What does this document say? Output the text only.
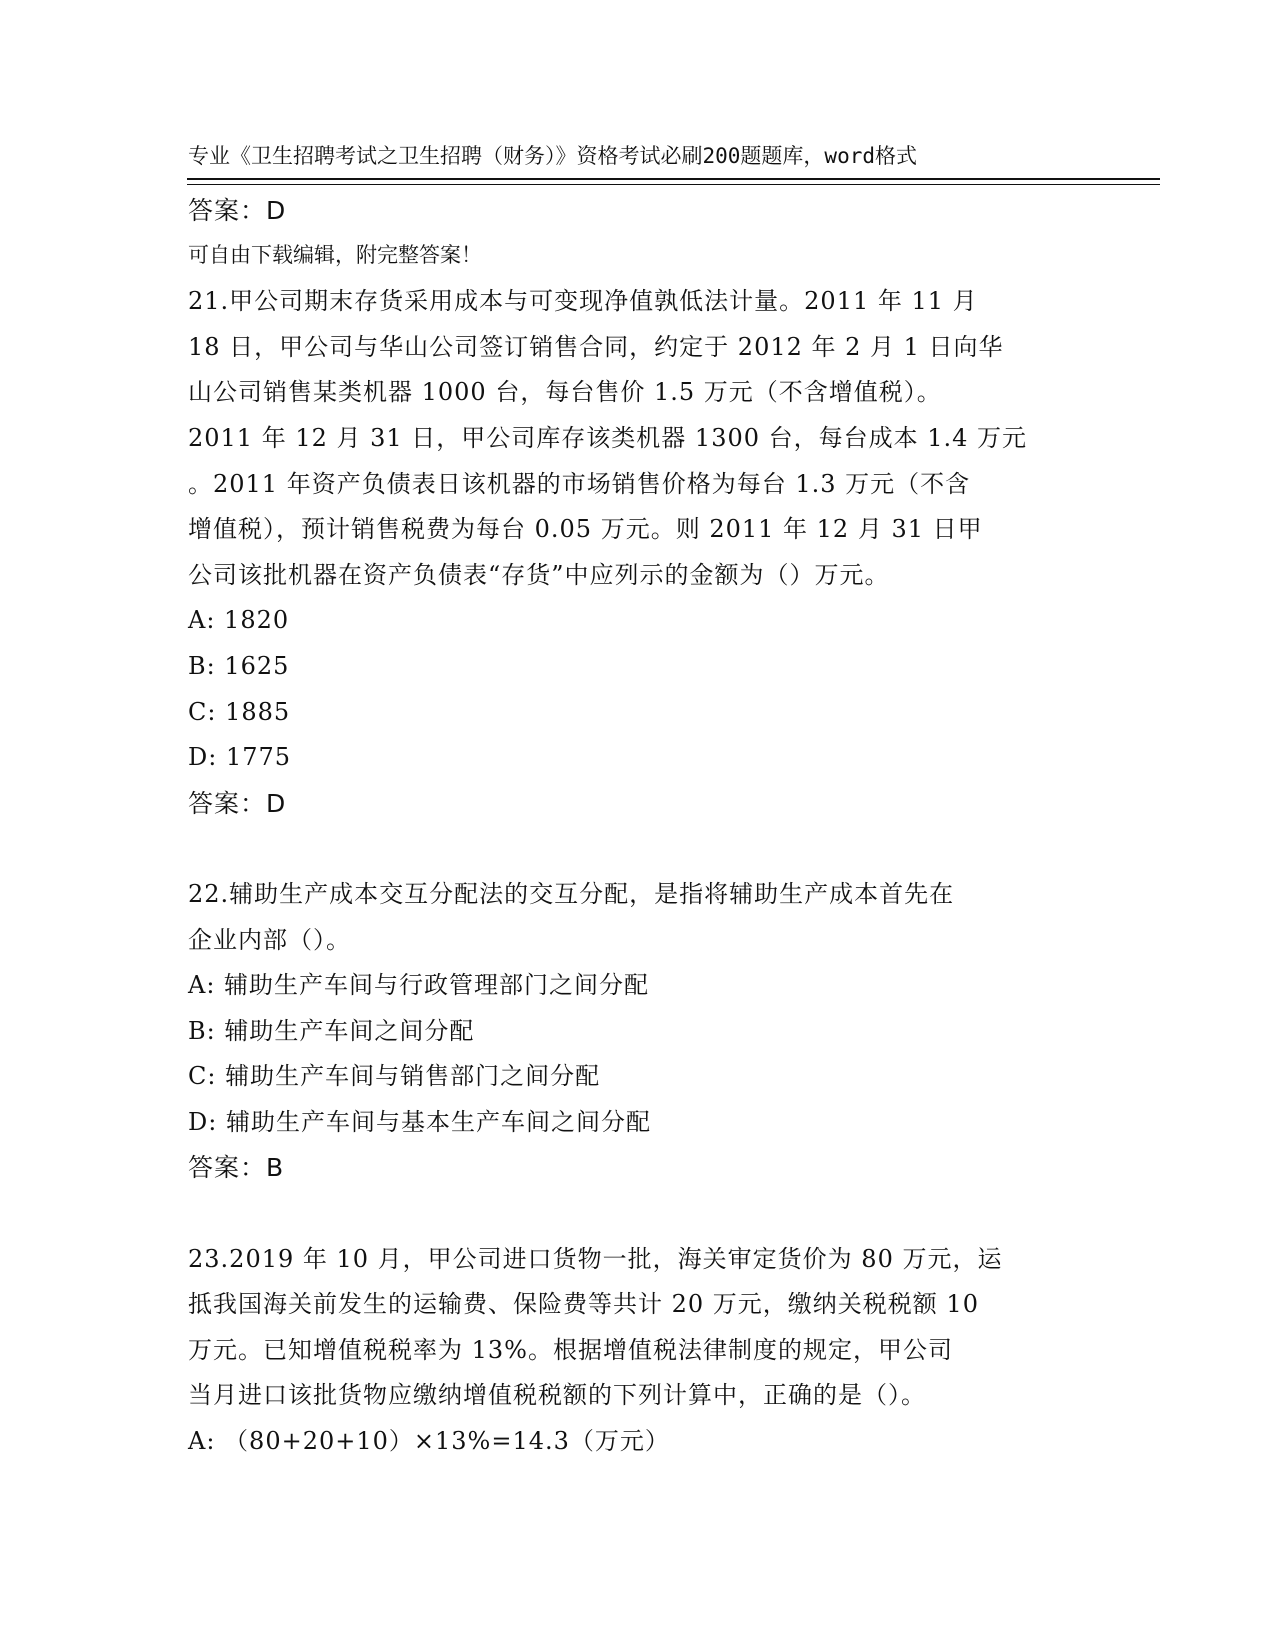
专业《卫生招聘考试之卫生招聘（财务）》资格考试必刷200题题库，word格式

可自由下载编辑，附完整答案！

答案：D
21.甲公司期末存货采用成本与可变现净值孰低法计量。2011 年 11 月
18 日，甲公司与华山公司签订销售合同，约定于 2012 年 2 月 1 日向华
山公司销售某类机器 1000 台，每台售价 1.5 万元（不含增值税）。
2011 年 12 月 31 日，甲公司库存该类机器 1300 台，每台成本 1.4 万元
。2011 年资产负债表日该机器的市场销售价格为每台 1.3 万元（不含
增值税），预计销售税费为每台 0.05 万元。则 2011 年 12 月 31 日甲
公司该批机器在资产负债表“存货”中应列示的金额为（）万元。
A: 1820
B: 1625
C: 1885
D: 1775
答案：D
22.辅助生产成本交互分配法的交互分配，是指将辅助生产成本首先在
企业内部（）。
A: 辅助生产车间与行政管理部门之间分配
B: 辅助生产车间之间分配
C: 辅助生产车间与销售部门之间分配
D: 辅助生产车间与基本生产车间之间分配
答案：B
23.2019 年 10 月，甲公司进口货物一批，海关审定货价为 80 万元，运
抵我国海关前发生的运输费、保险费等共计 20 万元，缴纳关税税额 10
万元。已知增值税税率为 13%。根据增值税法律制度的规定，甲公司
当月进口该批货物应缴纳增值税税额的下列计算中，正确的是（）。
A: （80+20+10）×13%=14.3（万元）
